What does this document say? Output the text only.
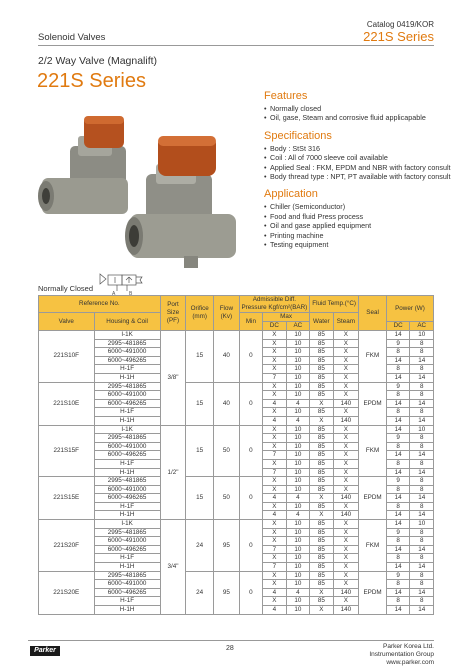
Catalog 0419/KOR
Solenoid Valves	221S Series
2/2 Way Valve (Magnalift)
221S Series
Features
• Normally closed
• Oil, gase, Steam and corrosive fluid applicapable
Specifications
• Body : StSt 316
• Coil : All of 7000 sleeve coil available
• Applied Seal : FKM, EPDM and NBR with factory consult
• Body thread type : NPT, PT available with factory consult
Application
• Chiller (Semiconductor)
• Food and fluid Press process
• Oil and gase applied equipment
• Printing machine
• Testing equipment
A	B
Normally Closed
Reference No.		Port Size (PF)	Orifice (mm)	Flow (Kv)	Admissible Diff. Pressure Kgf/cm²(BAR)			Fluid Temp.(°C)		Seal	Power (W)	
Valve	Housing & Coil				Min	Max		Water	Steam			
						DC	AC				DC	AC
221S10F	I-1K	3/8"	15	40	0	X	10	85	X	FKM	14	10
	2995~481865					X	10	85	X		9	8
	6000~491000					X	10	85	X		8	8
	6000~496265					X	10	85	X		14	14
	H-1F					X	10	85	X		8	8
	H-1H					7	10	85	X		14	14
221S10E	2995~481865		15	40	0	X	10	85	X	EPDM	9	8
	6000~491000					X	10	85	X		8	8
	6000~496265					4	4	X	140		14	14
	H-1F					X	10	85	X		8	8
	H-1H					4	4	X	140		14	14
221S15F	I-1K	1/2"	15	50	0	X	10	85	X	FKM	14	10
	2995~481865					X	10	85	X		9	8
	6000~491000					X	10	85	X		8	8
	6000~496265					7	10	85	X		14	14
	H-1F					X	10	85	X		8	8
	H-1H					7	10	85	X		14	14
221S15E	2995~481865		15	50	0	X	10	85	X	EPDM	9	8
	6000~491000					X	10	85	X		8	8
	6000~496265					4	4	X	140		14	14
	H-1F					X	10	85	X		8	8
	H-1H					4	4	X	140		14	14
221S20F	I-1K	3/4"	24	95	0	X	10	85	X	FKM	14	10
	2995~481865					X	10	85	X		9	8
	6000~491000					X	10	85	X		8	8
	6000~496265					7	10	85	X		14	14
	H-1F					X	10	85	X		8	8
	H-1H					7	10	85	X		14	14
221S20E	2995~481865		24	95	0	X	10	85	X	EPDM	9	8
	6000~491000					X	10	85	X		8	8
	6000~496265					4	4	X	140		14	14
	H-1F					X	10	85	X		8	8
	H-1H					4	10	X	140		14	14
Parker	28	Parker Korea Ltd.
Instrumentation Group
www.parker.com
